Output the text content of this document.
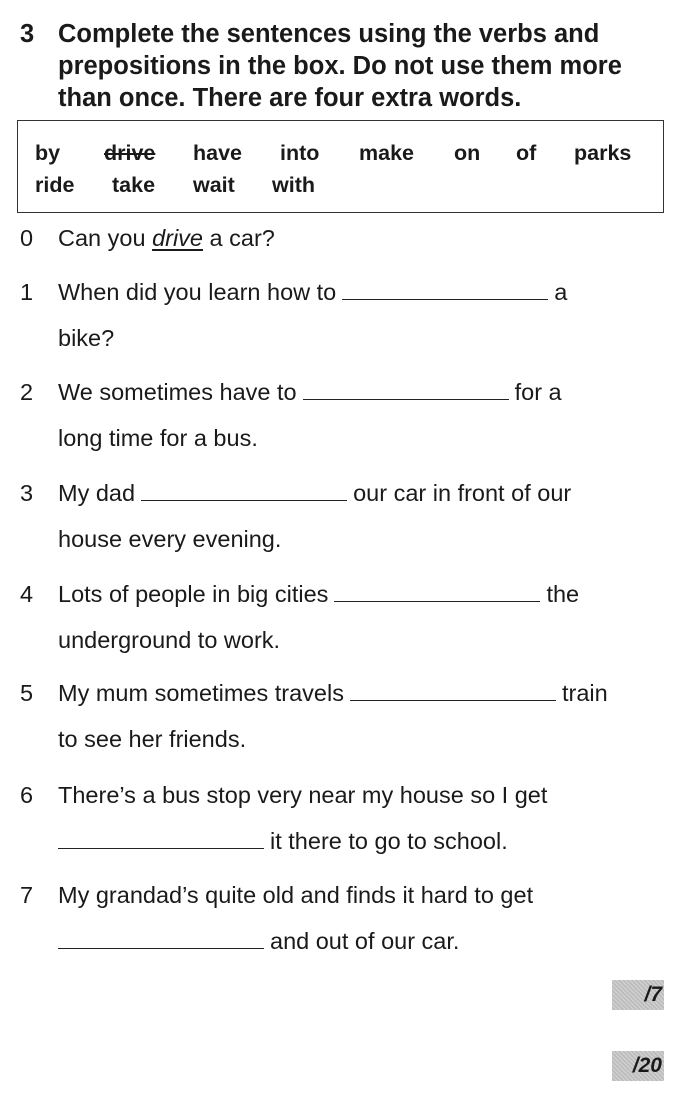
3 Complete the sentences using the verbs and
prepositions in the box. Do not use them more
than once. There are four extra words.
by drive have into make on of parks
ride take wait with
0 Can you drive a car?
1 When did you learn how to	a
bike?
2 We sometimes have to	for a
long time for a bus.
3 My dad	our car in front of our
house every evening.
4 Lots of people in big cities	the
underground to work.
5 My mum sometimes travels	train
to see her friends.
6 There’s a bus stop very near my house so I get
it there to go to school.
7 My grandad’s quite old and finds it hard to get
and out of our car.
/7
/20
